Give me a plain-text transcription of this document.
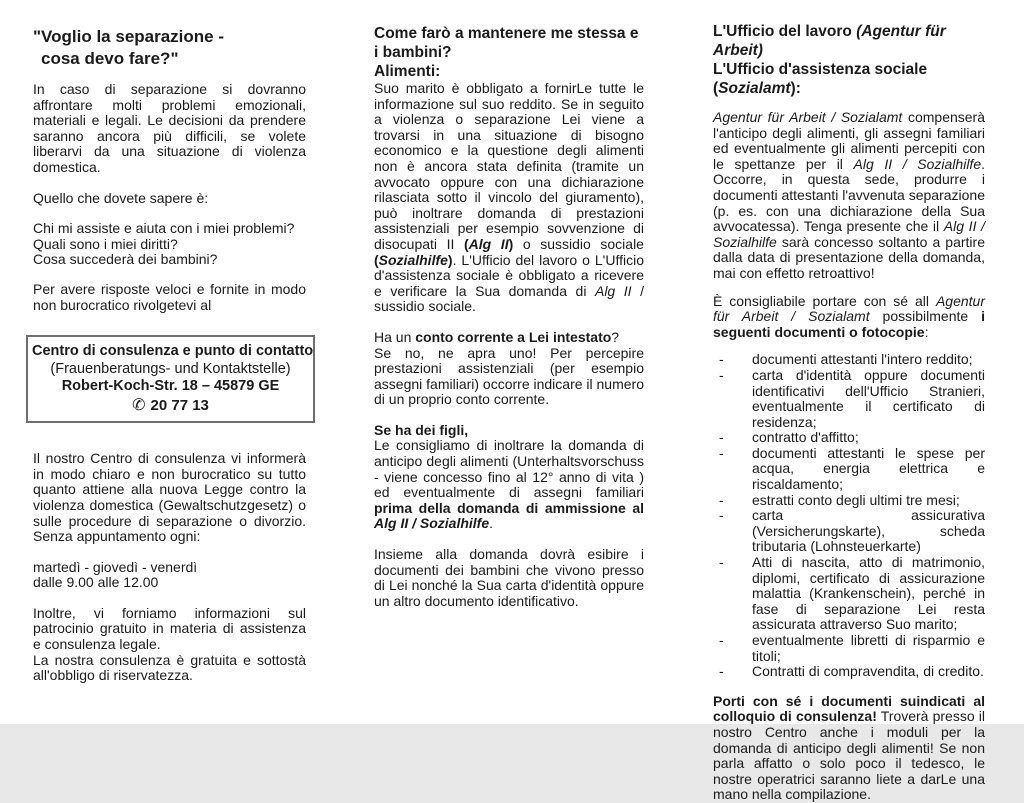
"Voglio la separazione -
cosa devo fare?"
In caso di separazione si dovranno affrontare molti problemi emozionali, materiali e legali. Le decisioni da prendere saranno ancora più difficili, se volete liberarvi da una situazione di violenza domestica.
Quello che dovete sapere è:
Chi mi assiste e aiuta con i miei problemi?
Quali sono i miei diritti?
Cosa succederà dei bambini?
Per avere risposte veloci e fornite in modo non burocratico rivolgetevi al
Centro di consulenza e punto di contatto
(Frauenberatungs- und Kontaktstelle)
Robert-Koch-Str. 18 – 45879 GE
✆ 20 77 13
Il nostro Centro di consulenza vi informerà in modo chiaro e non burocratico su tutto quanto attiene alla nuova Legge contro la violenza domestica (Gewaltschutzgesetz) o sulle procedure di separazione o divorzio. Senza appuntamento ogni:
martedì - giovedì - venerdì
dalle 9.00 alle 12.00
Inoltre, vi forniamo informazioni sul patrocinio gratuito in materia di assistenza e consulenza legale.
La nostra consulenza è gratuita e sottostà all'obbligo di riservatezza.
Come farò a mantenere me stessa e i bambini?
Alimenti:
Suo marito è obbligato a fornirLe tutte le informazione sul suo reddito. Se in seguito a violenza o separazione Lei viene a trovarsi in una situazione di bisogno economico e la questione degli alimenti non è ancora stata definita (tramite un avvocato oppure con una dichiarazione rilasciata sotto il vincolo del giuramento), può inoltrare domanda di prestazioni assistenziali per esempio sovvenzione di disocupati II (Alg II) o sussidio sociale (Sozialhilfe). L'Ufficio del lavoro o L'Ufficio d'assistenza sociale è obbligato a ricevere e verificare la Sua domanda di Alg II / sussidio sociale.
Ha un conto corrente a Lei intestato?
Se no, ne apra uno! Per percepire prestazioni assistenziali (per esempio assegni familiari) occorre indicare il numero di un proprio conto corrente.
Se ha dei figli,
Le consigliamo di inoltrare la domanda di anticipo degli alimenti (Unterhaltsvorschuss - viene concesso fino al 12° anno di vita ) ed eventualmente di assegni familiari prima della domanda di ammissione al Alg II / Sozialhilfe.
Insieme alla domanda dovrà esibire i documenti dei bambini che vivono presso di Lei nonché la Sua carta d'identità oppure un altro documento identificativo.
L'Ufficio del lavoro (Agentur für Arbeit)
L'Ufficio d'assistenza sociale (Sozialamt):
Agentur für Arbeit / Sozialamt compenserà l'anticipo degli alimenti, gli assegni familiari ed eventualmente gli alimenti percepiti con le spettanze per il Alg II / Sozialhilfe. Occorre, in questa sede, produrre i documenti attestanti l'avvenuta separazione (p. es. con una dichiarazione della Sua avvocatessa). Tenga presente che il Alg II / Sozialhilfe sarà concesso soltanto a partire dalla data di presentazione della domanda, mai con effetto retroattivo!
È consigliabile portare con sé all Agentur für Arbeit / Sozialamt possibilmente i seguenti documenti o fotocopie:
-	documenti attestanti l'intero reddito;
-	carta d'identità oppure documenti identificativi dell'Ufficio Stranieri, eventualmente il certificato di residenza;
-	contratto d'affitto;
-	documenti attestanti le spese per acqua, energia elettrica e riscaldamento;
-	estratti conto degli ultimi tre mesi;
-	carta assicurativa (Versicherungskarte), scheda tributaria (Lohnsteuerkarte)
-	Atti di nascita, atto di matrimonio, diplomi, certificato di assicurazione malattia (Krankenschein), perché in fase di separazione Lei resta assicurata attraverso Suo marito;
-	eventualmente libretti di risparmio e titoli;
-	Contratti di compravendita, di credito.
Porti con sé i documenti suindicati al colloquio di consulenza! Troverà presso il nostro Centro anche i moduli per la domanda di anticipo degli alimenti! Se non parla affatto o solo poco il tedesco, le nostre operatrici saranno liete a darLe una mano nella compilazione.
